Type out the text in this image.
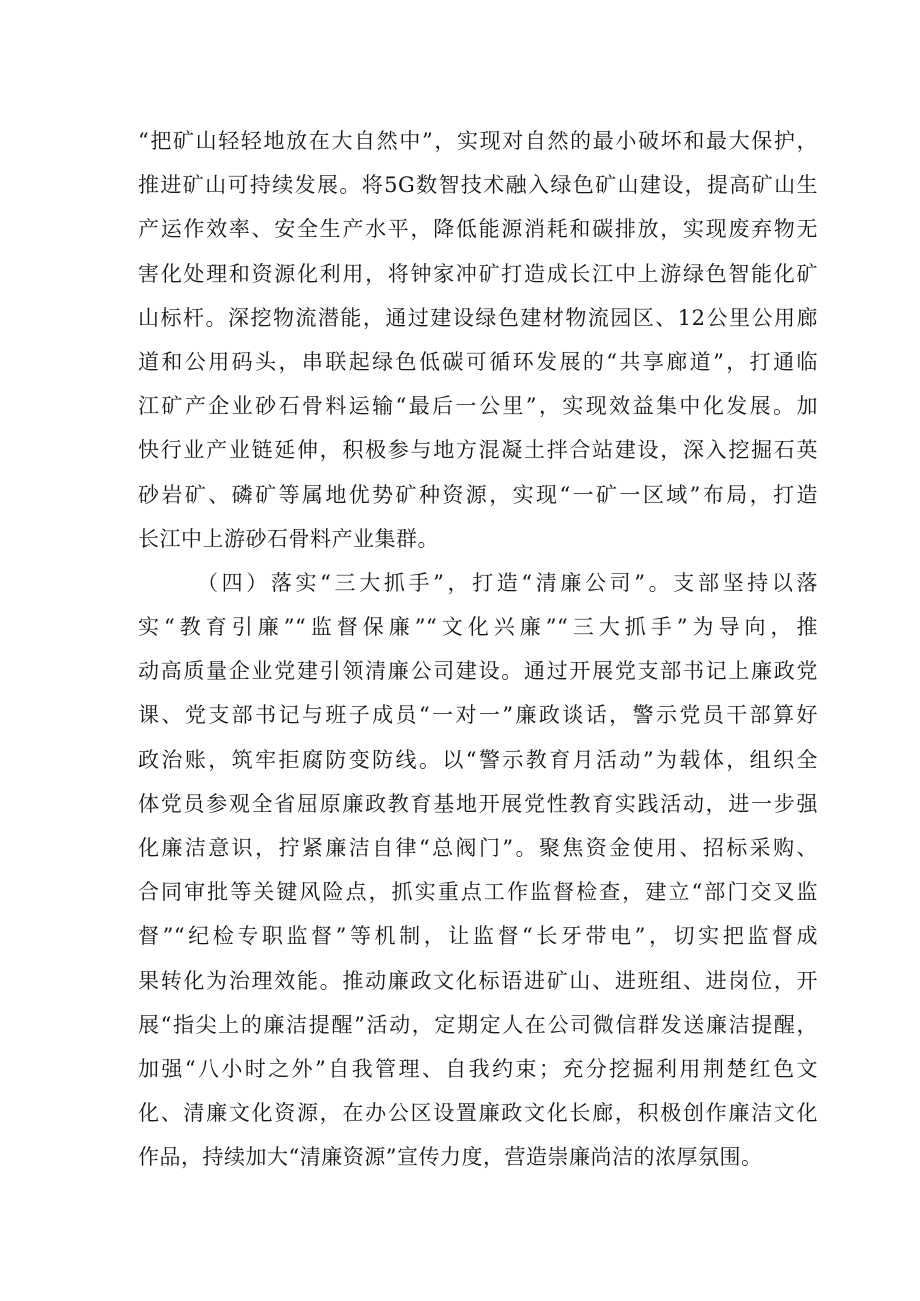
“把矿山轻轻地放在大自然中”，实现对自然的最小破坏和最大保护，
推进矿山可持续发展。将5G数智技术融入绿色矿山建设，提高矿山生
产运作效率、安全生产水平，降低能源消耗和碳排放，实现废弃物无
害化处理和资源化利用，将钟家冲矿打造成长江中上游绿色智能化矿
山标杆。深挖物流潜能，通过建设绿色建材物流园区、12公里公用廊
道和公用码头，串联起绿色低碳可循环发展的“共享廊道”，打通临
江矿产企业砂石骨料运输“最后一公里”，实现效益集中化发展。加
快行业产业链延伸，积极参与地方混凝土拌合站建设，深入挖掘石英
砂岩矿、磷矿等属地优势矿种资源，实现“一矿一区域”布局，打造
长江中上游砂石骨料产业集群。
（四）落实“三大抓手”，打造“清廉公司”。支部坚持以落
实“教育引廉”“监督保廉”“文化兴廉”“三大抓手”为导向，推
动高质量企业党建引领清廉公司建设。通过开展党支部书记上廉政党
课、党支部书记与班子成员“一对一”廉政谈话，警示党员干部算好
政治账，筑牢拒腐防变防线。以“警示教育月活动”为载体，组织全
体党员参观全省屈原廉政教育基地开展党性教育实践活动，进一步强
化廉洁意识，拧紧廉洁自律“总阀门”。聚焦资金使用、招标采购、
合同审批等关键风险点，抓实重点工作监督检查，建立“部门交叉监
督”“纪检专职监督”等机制，让监督“长牙带电”，切实把监督成
果转化为治理效能。推动廉政文化标语进矿山、进班组、进岗位，开
展“指尖上的廉洁提醒”活动，定期定人在公司微信群发送廉洁提醒，
加强“八小时之外”自我管理、自我约束；充分挖掘利用荆楚红色文
化、清廉文化资源，在办公区设置廉政文化长廊，积极创作廉洁文化
作品，持续加大“清廉资源”宣传力度，营造崇廉尚洁的浓厚氛围。
